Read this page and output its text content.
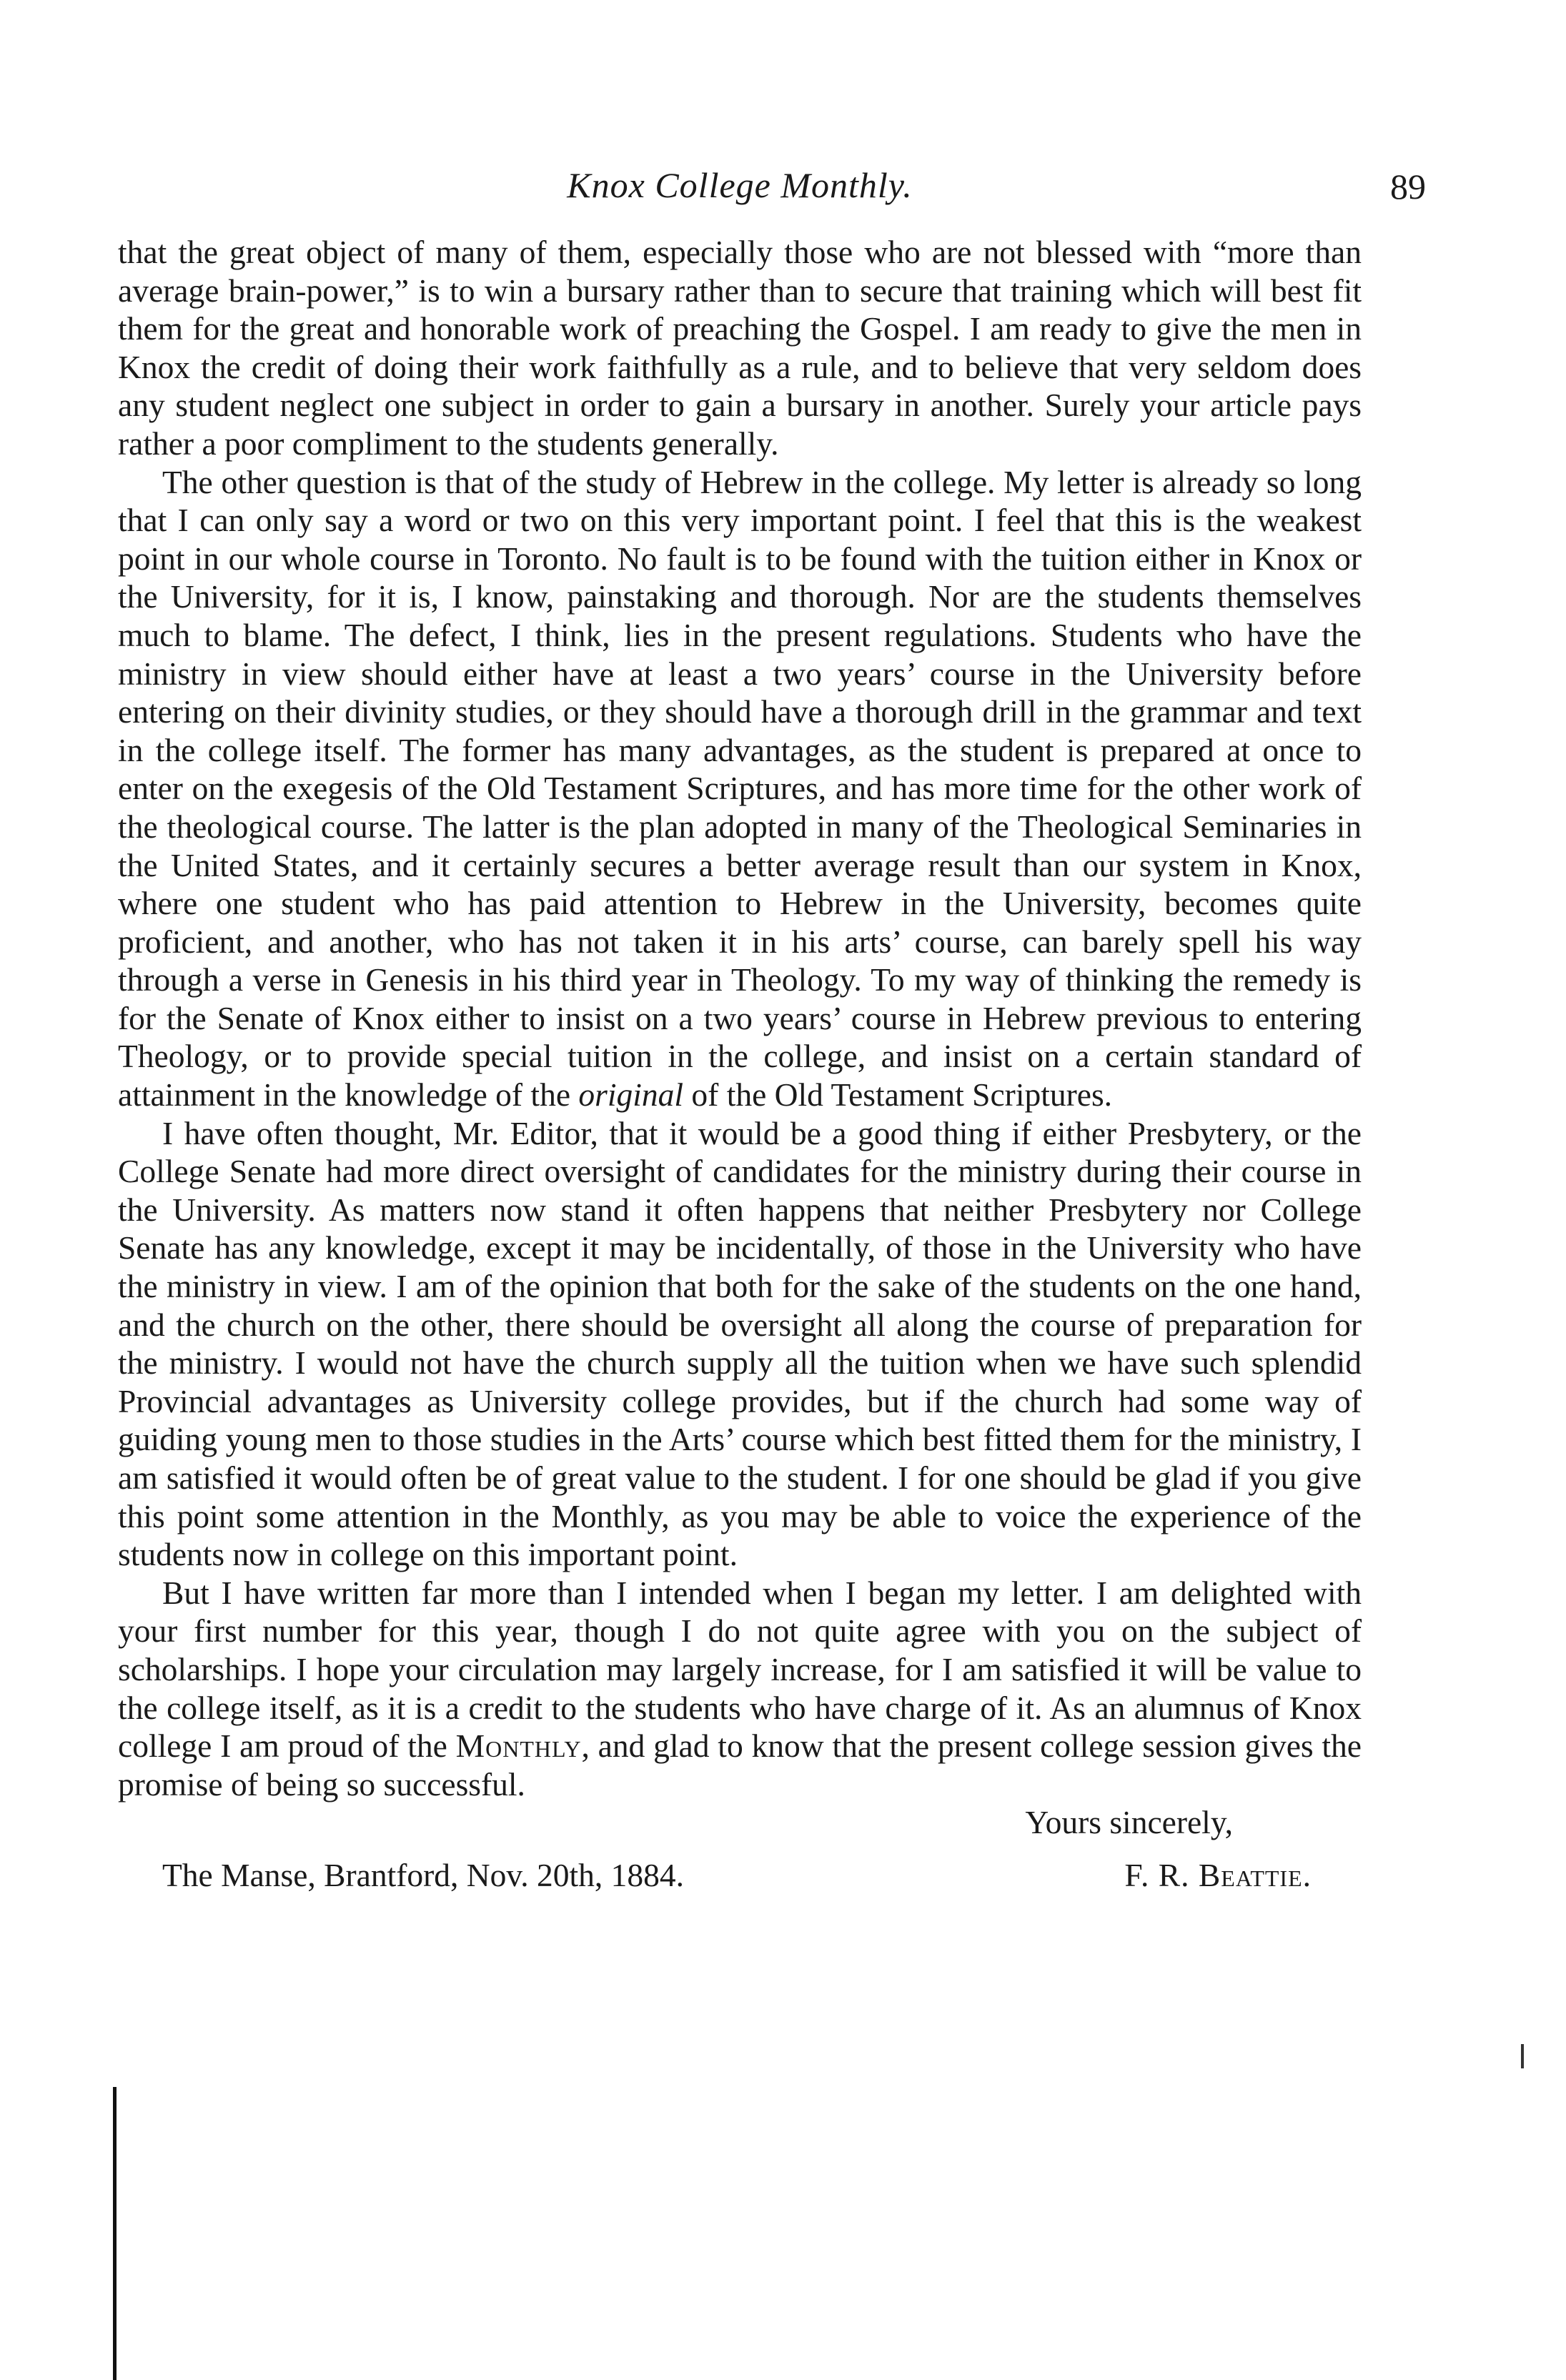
Knox College Monthly.	89

that the great object of many of them, especially those who are not blessed with “more than average brain-power,” is to win a bursary rather than to secure that training which will best fit them for the great and honorable work of preaching the Gospel. I am ready to give the men in Knox the credit of doing their work faithfully as a rule, and to believe that very seldom does any student neglect one subject in order to gain a bursary in another. Surely your article pays rather a poor compliment to the students generally.

The other question is that of the study of Hebrew in the college. My letter is already so long that I can only say a word or two on this very important point. I feel that this is the weakest point in our whole course in Toronto. No fault is to be found with the tuition either in Knox or the University, for it is, I know, painstaking and thorough. Nor are the students themselves much to blame. The defect, I think, lies in the present regulations. Students who have the ministry in view should either have at least a two years’ course in the University before entering on their divinity studies, or they should have a thorough drill in the grammar and text in the college itself. The former has many advantages, as the student is prepared at once to enter on the exegesis of the Old Testament Scriptures, and has more time for the other work of the theological course. The latter is the plan adopted in many of the Theological Seminaries in the United States, and it certainly secures a better average result than our system in Knox, where one student who has paid attention to Hebrew in the University, becomes quite proficient, and another, who has not taken it in his arts’ course, can barely spell his way through a verse in Genesis in his third year in Theology. To my way of thinking the remedy is for the Senate of Knox either to insist on a two years’ course in Hebrew previous to entering Theology, or to provide special tuition in the college, and insist on a certain standard of attainment in the knowledge of the original of the Old Testament Scriptures.

I have often thought, Mr. Editor, that it would be a good thing if either Presbytery, or the College Senate had more direct oversight of candidates for the ministry during their course in the University. As matters now stand it often happens that neither Presbytery nor College Senate has any knowledge, except it may be incidentally, of those in the University who have the ministry in view. I am of the opinion that both for the sake of the students on the one hand, and the church on the other, there should be oversight all along the course of preparation for the ministry. I would not have the church supply all the tuition when we have such splendid Provincial advantages as University college provides, but if the church had some way of guiding young men to those studies in the Arts’ course which best fitted them for the ministry, I am satisfied it would often be of great value to the student. I for one should be glad if you give this point some attention in the Monthly, as you may be able to voice the experience of the students now in college on this important point.

But I have written far more than I intended when I began my letter. I am delighted with your first number for this year, though I do not quite agree with you on the subject of scholarships. I hope your circulation may largely increase, for I am satisfied it will be value to the college itself, as it is a credit to the students who have charge of it. As an alumnus of Knox college I am proud of the Monthly, and glad to know that the present college session gives the promise of being so successful.

Yours sincerely,
The Manse, Brantford, Nov. 20th, 1884.	F. R. Beattie.
